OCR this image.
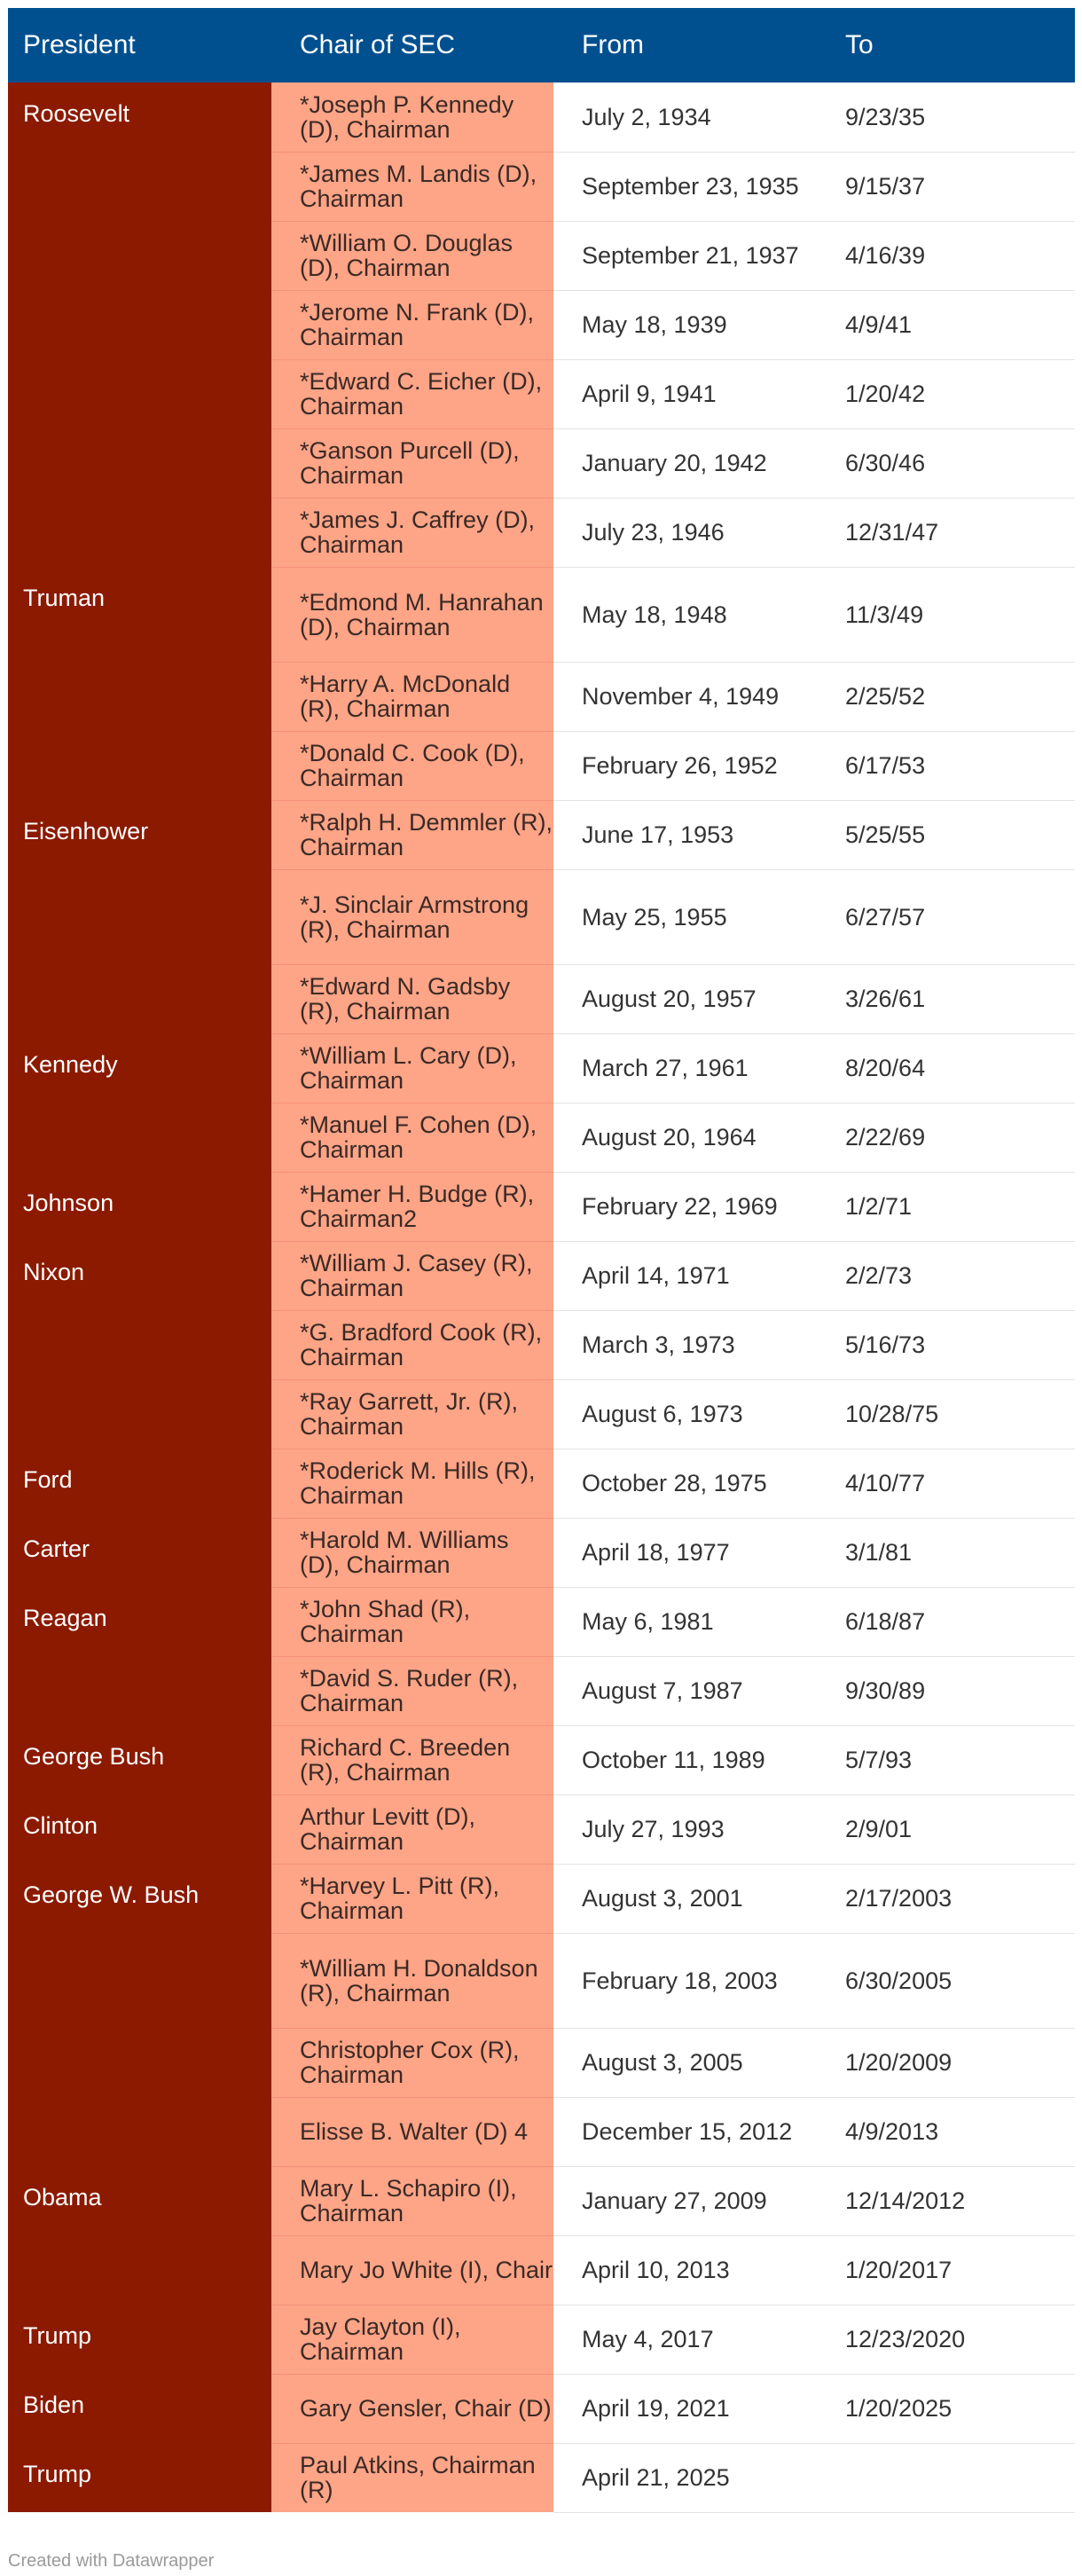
President	Chair of SEC	From	To
Roosevelt	*Joseph P. Kennedy (D), Chairman	July 2, 1934	9/23/35
	*James M. Landis (D), Chairman	September 23, 1935	9/15/37
	*William O. Douglas (D), Chairman	September 21, 1937	4/16/39
	*Jerome N. Frank (D), Chairman	May 18, 1939	4/9/41
	*Edward C. Eicher (D), Chairman	April 9, 1941	1/20/42
	*Ganson Purcell (D), Chairman	January 20, 1942	6/30/46
	*James J. Caffrey (D), Chairman	July 23, 1946	12/31/47
Truman	*Edmond M. Hanrahan (D), Chairman	May 18, 1948	11/3/49
	*Harry A. McDonald (R), Chairman	November 4, 1949	2/25/52
	*Donald C. Cook (D), Chairman	February 26, 1952	6/17/53
Eisenhower	*Ralph H. Demmler (R), Chairman	June 17, 1953	5/25/55
	*J. Sinclair Armstrong (R), Chairman	May 25, 1955	6/27/57
	*Edward N. Gadsby (R), Chairman	August 20, 1957	3/26/61
Kennedy	*William L. Cary (D), Chairman	March 27, 1961	8/20/64
	*Manuel F. Cohen (D), Chairman	August 20, 1964	2/22/69
Johnson	*Hamer H. Budge (R), Chairman2	February 22, 1969	1/2/71
Nixon	*William J. Casey (R), Chairman	April 14, 1971	2/2/73
	*G. Bradford Cook (R), Chairman	March 3, 1973	5/16/73
	*Ray Garrett, Jr. (R), Chairman	August 6, 1973	10/28/75
Ford	*Roderick M. Hills (R), Chairman	October 28, 1975	4/10/77
Carter	*Harold M. Williams (D), Chairman	April 18, 1977	3/1/81
Reagan	*John Shad (R), Chairman	May 6, 1981	6/18/87
	*David S. Ruder (R), Chairman	August 7, 1987	9/30/89
George Bush	Richard C. Breeden (R), Chairman	October 11, 1989	5/7/93
Clinton	Arthur Levitt (D), Chairman	July 27, 1993	2/9/01
George W. Bush	*Harvey L. Pitt (R), Chairman	August 3, 2001	2/17/2003
	*William H. Donaldson (R), Chairman	February 18, 2003	6/30/2005
	Christopher Cox (R), Chairman	August 3, 2005	1/20/2009
	Elisse B. Walter (D) 4	December 15, 2012	4/9/2013
Obama	Mary L. Schapiro (I), Chairman	January 27, 2009	12/14/2012
	Mary Jo White (I), Chair	April 10, 2013	1/20/2017
Trump	Jay Clayton (I), Chairman	May 4, 2017	12/23/2020
Biden	Gary Gensler, Chair (D)	April 19, 2021	1/20/2025
Trump	Paul Atkins, Chairman (R)	April 21, 2025	
Created with Datawrapper
